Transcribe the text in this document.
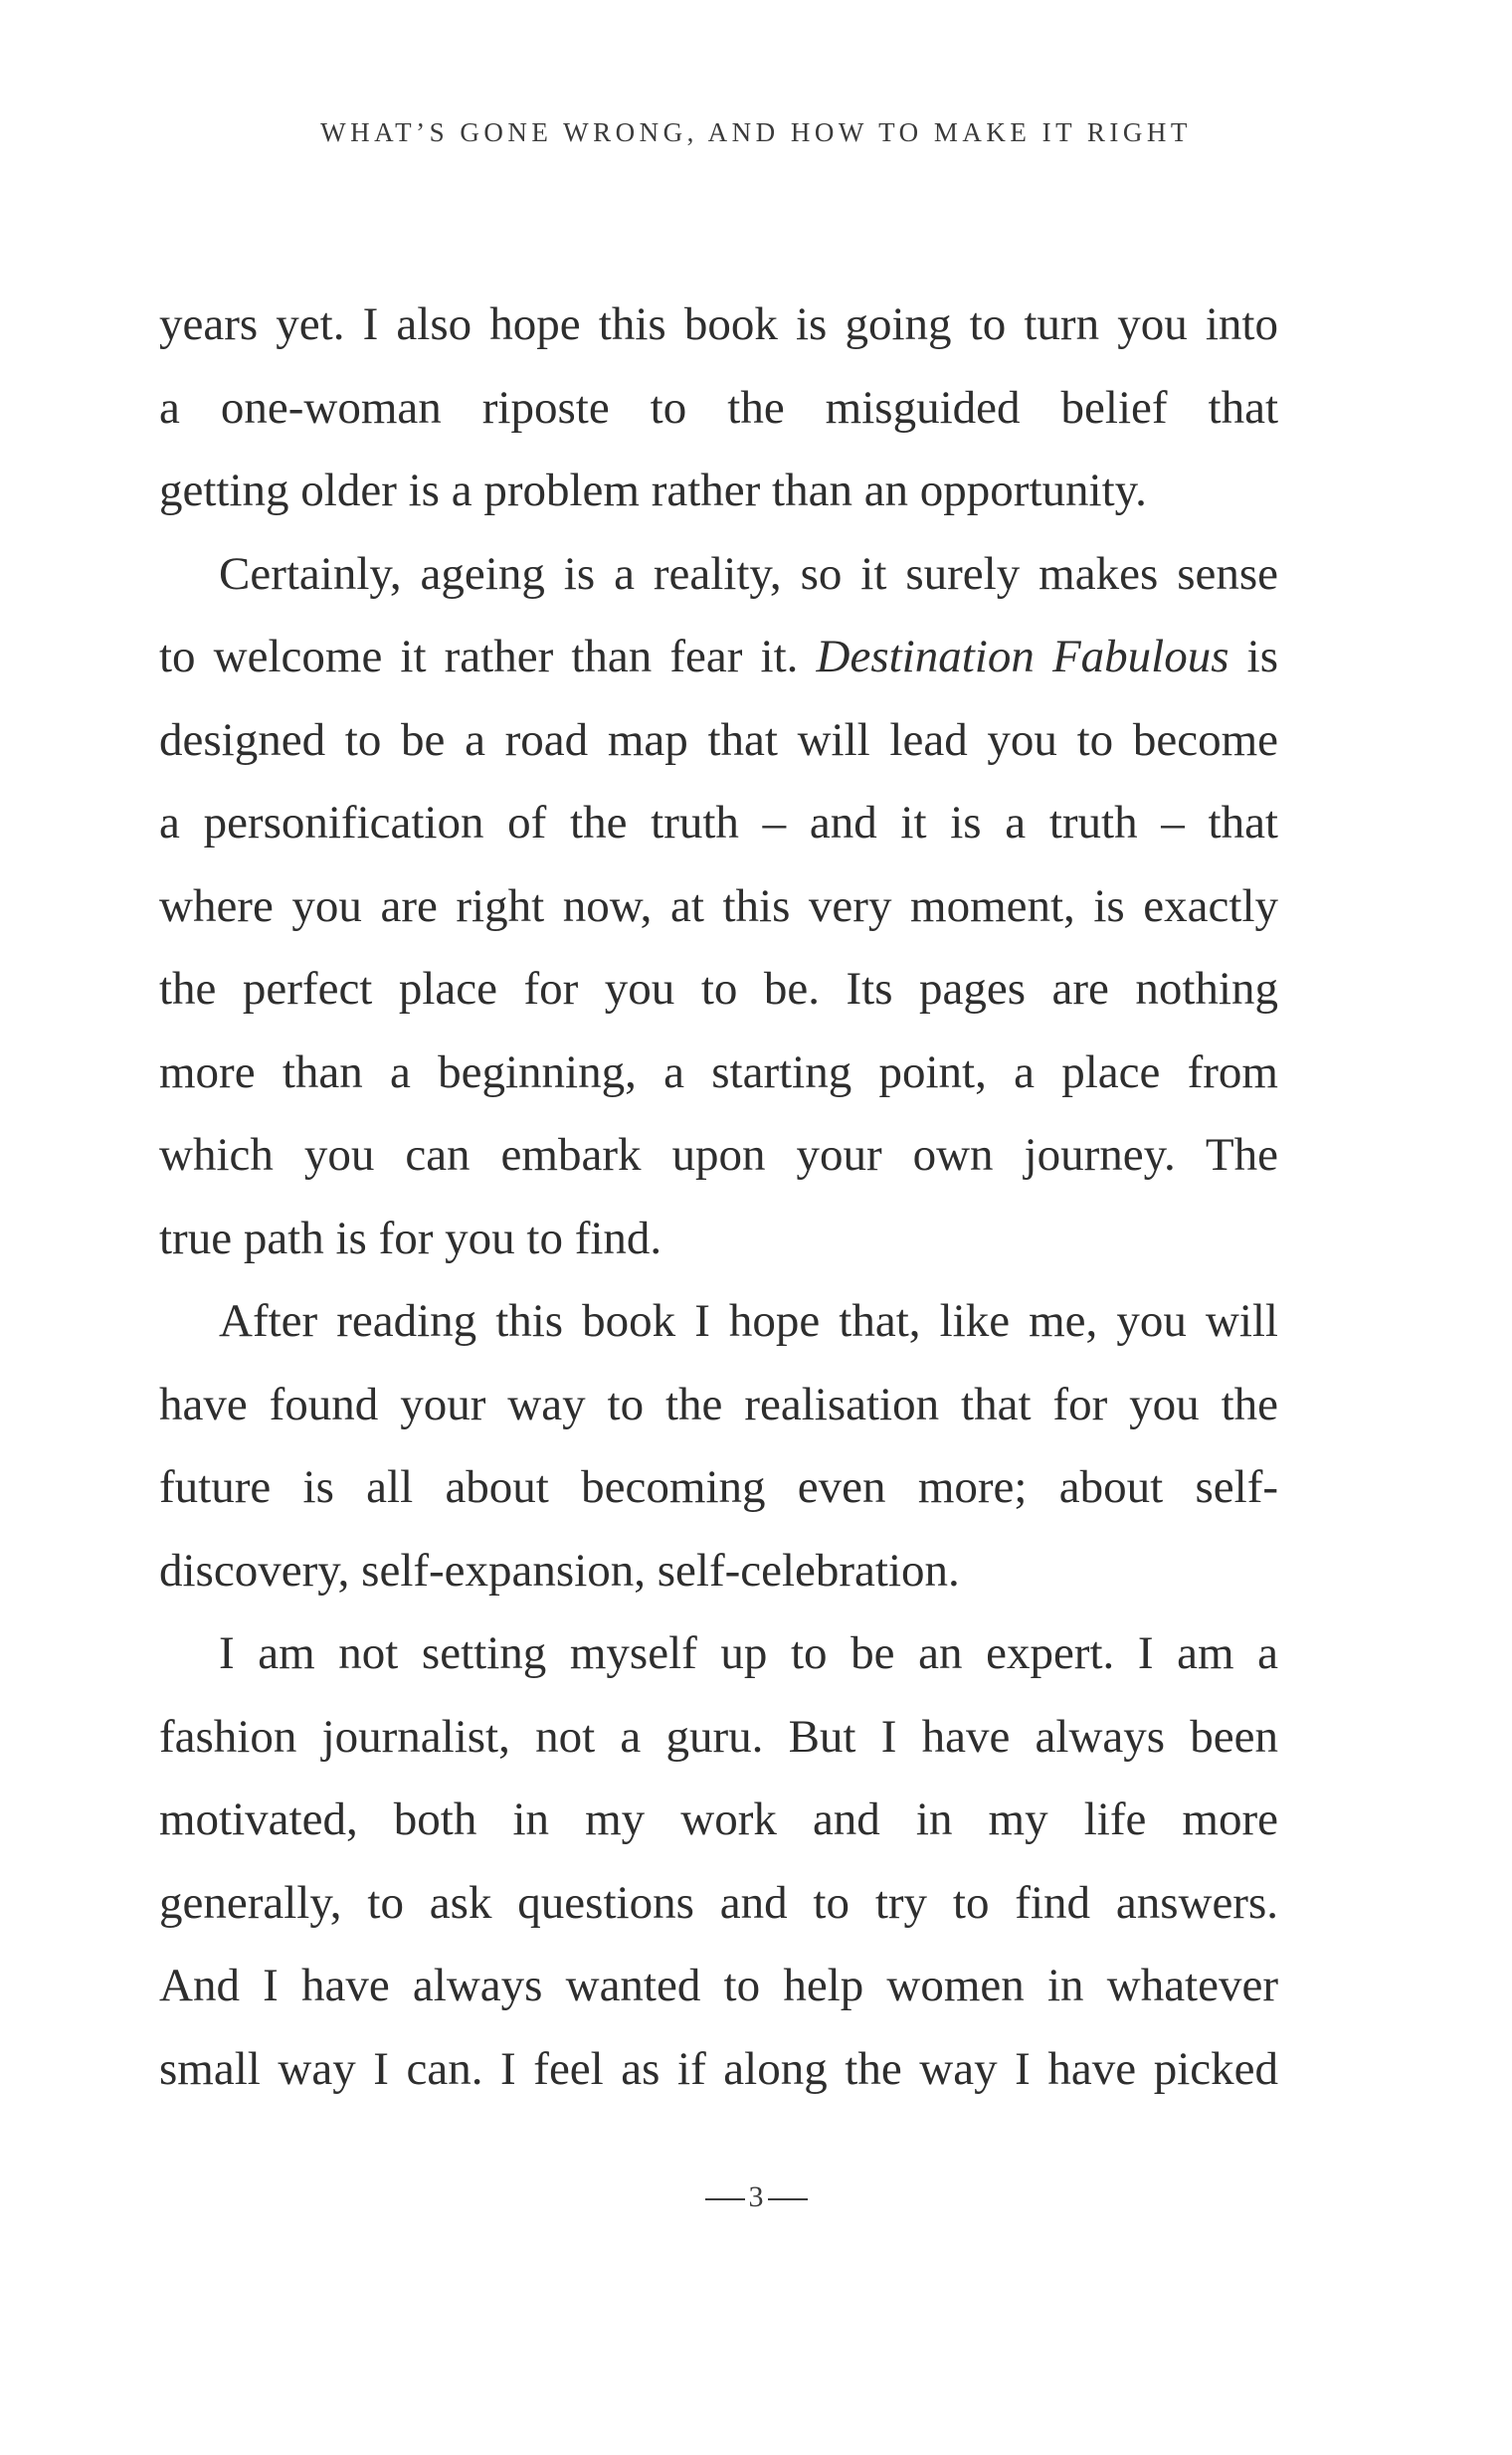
WHAT’S GONE WRONG, AND HOW TO MAKE IT RIGHT
years yet. I also hope this book is going to turn you into
a one-woman riposte to the misguided belief that
getting older is a problem rather than an opportunity.
Certainly, ageing is a reality, so it surely makes sense
to welcome it rather than fear it. Destination Fabulous is
designed to be a road map that will lead you to become
a personification of the truth – and it is a truth – that
where you are right now, at this very moment, is exactly
the perfect place for you to be. Its pages are nothing
more than a beginning, a starting point, a place from
which you can embark upon your own journey. The
true path is for you to find.
After reading this book I hope that, like me, you will
have found your way to the realisation that for you the
future is all about becoming even more; about self-
discovery, self-expansion, self-celebration.
I am not setting myself up to be an expert. I am a
fashion journalist, not a guru. But I have always been
motivated, both in my work and in my life more
generally, to ask questions and to try to find answers.
And I have always wanted to help women in whatever
small way I can. I feel as if along the way I have picked
3
